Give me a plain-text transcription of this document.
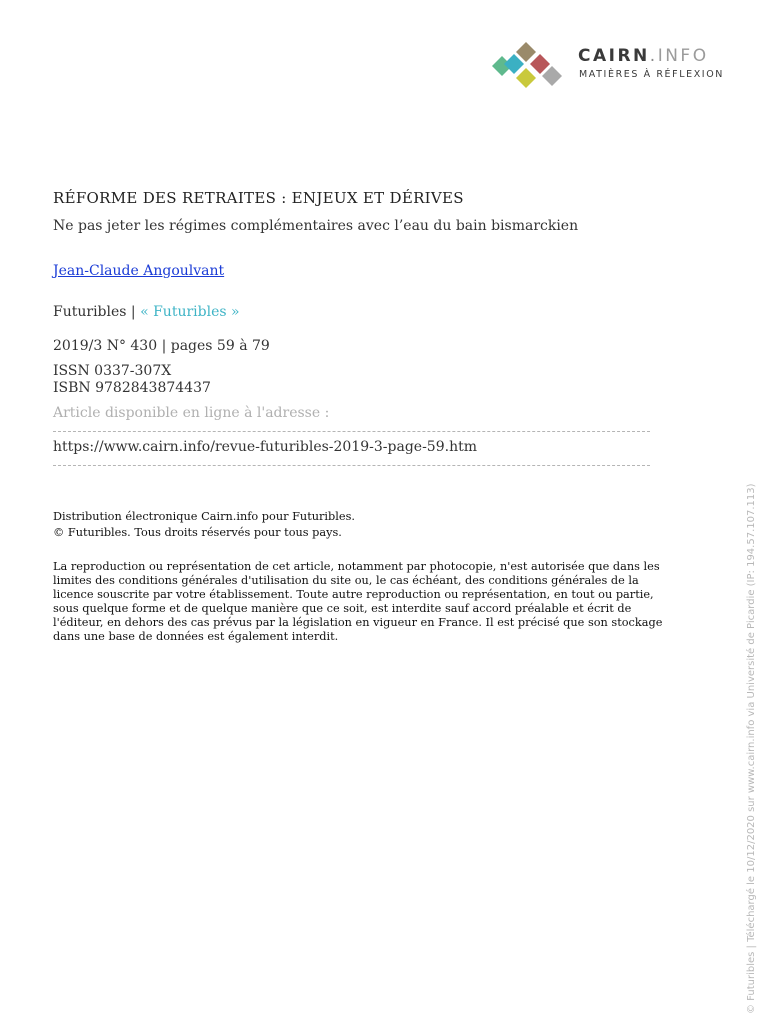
CAIRN.INFO
MATIÈRES À RÉFLEXION
RÉFORME DES RETRAITES : ENJEUX ET DÉRIVES
Ne pas jeter les régimes complémentaires avec l’eau du bain bismarckien
Jean-Claude Angoulvant
Futuribles | « Futuribles »
2019/3 N° 430 | pages 59 à 79
ISSN 0337-307X
ISBN 9782843874437
Article disponible en ligne à l'adresse :
https://www.cairn.info/revue-futuribles-2019-3-page-59.htm
Distribution électronique Cairn.info pour Futuribles.
© Futuribles. Tous droits réservés pour tous pays.
La reproduction ou représentation de cet article, notamment par photocopie, n'est autorisée que dans les
limites des conditions générales d'utilisation du site ou, le cas échéant, des conditions générales de la
licence souscrite par votre établissement. Toute autre reproduction ou représentation, en tout ou partie,
sous quelque forme et de quelque manière que ce soit, est interdite sauf accord préalable et écrit de
l'éditeur, en dehors des cas prévus par la législation en vigueur en France. Il est précisé que son stockage
dans une base de données est également interdit.	© Futuribles | Téléchargé le 10/12/2020 sur www.cairn.info via Université de Picardie (IP: 194.57.107.113)
